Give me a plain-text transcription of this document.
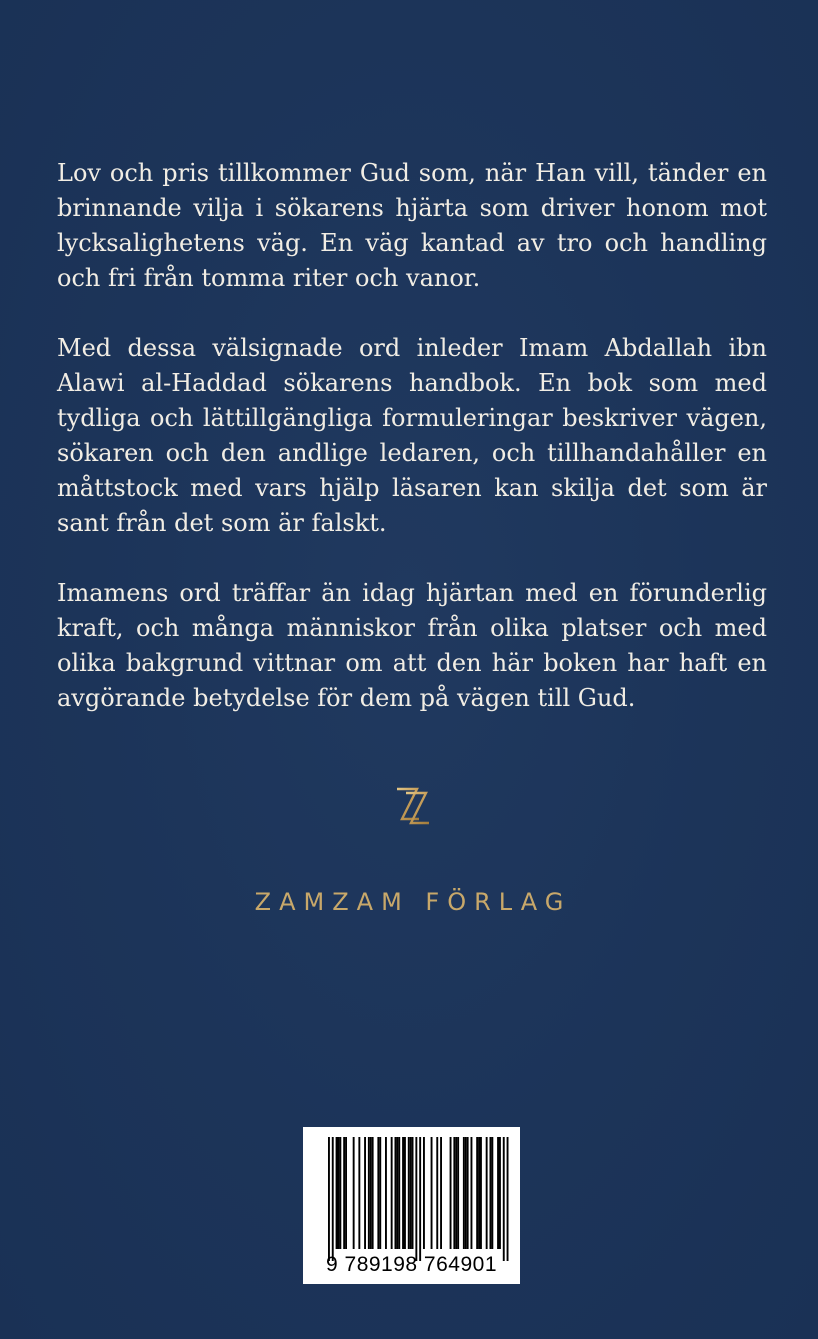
Lov och pris tillkommer Gud som, när Han vill, tänder en brinnande vilja i sökarens hjärta som driver honom mot lycksalighetens väg. En väg kantad av tro och handling och fri från tomma riter och vanor.

Med dessa välsignade ord inleder Imam Abdallah ibn Alawi al-Haddad sökarens handbok. En bok som med tydliga och lättillgängliga formuleringar beskriver vägen, sökaren och den andlige ledaren, och tillhandahåller en måttstock med vars hjälp läsaren kan skilja det som är sant från det som är falskt.

Imamens ord träffar än idag hjärtan med en förunderlig kraft, och många människor från olika platser och med olika bakgrund vittnar om att den här boken har haft en avgörande betydelse för dem på vägen till Gud.

ZAMZAM FÖRLAG
9 789198 764901
